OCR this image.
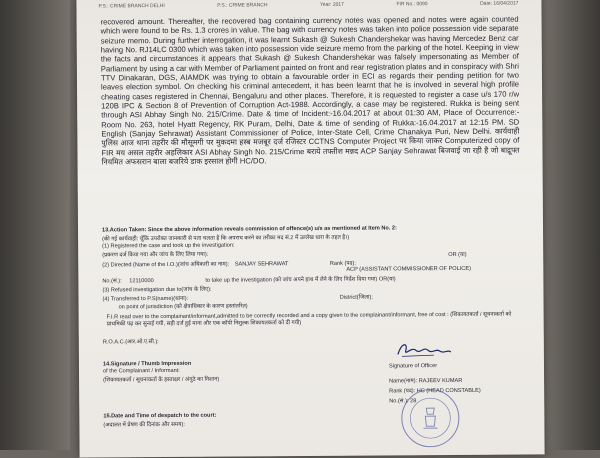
P.S.: CRIME BRANCH DELHI	P.S.: CRIME BRANCH	Year: 2017	FIR No.: 0090	Date: 16/04/2017

recovered amount. Thereafter, the recovered bag containing currency notes was opened and notes were again counted which were found to be Rs. 1.3 crores in value. The bag with currency notes was taken into police possession vide separate seizure memo. During further interrogation, it was learnt Sukash @ Sukesh Chandershekar was having Mercedez Benz car having No. RJ14LC 0300 which was taken into possession vide seizure memo from the parking of the hotel. Keeping in view the facts and circumstances it appears that Sukash @ Sukesh Chandershekar was falsely impersonating as Member of Parliament by using a car with Member of Parliament painted on front and rear registration plates and in conspiracy with Shri TTV Dinakaran, DGS, AIAMDK was trying to obtain a favourable order in ECI as regards their pending petition for two leaves election symbol. On checking his criminal antecedent, it has been learnt that he is involved in several high profile cheating cases registered in Chennai, Bengaluru and other places. Therefore, it is requested to register a case u/s 170 r/w 120B IPC & Section 8 of Prevention of Corruption Act-1988. Accordingly, a case may be registered. Rukka is being sent through ASI Abhay Singh No. 215/Crime. Date & time of Incident:-16.04.2017 at about 01:30 AM, Place of Occurrence:- Room No. 263, hotel Hyatt Regency, RK Puram, Delhi, Date & time of sending of Rukka:-16.04.2017 at 12:15 PM. SD English (Sanjay Sehrawat) Assistant Commissioner of Police, Inter-State Cell, Crime Chanakya Puri, New Delhi. कार्यवाही पुलिस आज थाना तहरीर की मौसूमगी पर मुकदमा हस्ब मजबूर दर्ज रजिस्टर CCTNS Computer Project पर किया जाकर Computerized copy of FIR मय असल तहरीर अहलिकार ASI Abhay Singh No. 215/Crime बराये तफ्तीश मन्नद ACP Sanjay Sehrawat बिजवाई जा रही है जो बाद्रूफ्त नियमित अफसरान बाला बजरिये डाक इरसाल होगी HC/DO.

13.Action Taken: Since the above information reveals commission of offence(s) u/s as mentioned at Item No. 2:
(की गई कार्यवाही: चूँकि उपरोक्त जानकारी से पता चलता है कि अपराध करने का तरीका मद सं.2 में उल्लेख धारा के तहत है।)
(1) Registered the case and took up the investigation:
(प्रकरण दर्ज किया गया और जांच के लिए लिया गया):	OR (या)
(2) Directed (Name of the I.O.)(जांच अधिकारी का नाम): SANJAY SEHRAWAT	Rank (पद):
ACP (ASSISTANT COMMISSIONER OF POLICE)
No.(सं.): 12110000	to take up the investigation (को जांच अपने हाथ में लेने के लिए निर्देश दिया गया) OR(या)
(3) Refused investigation due to(जांच के लिए):
(4) Transferred to P.S(name)(थाना):	District(जिला):
on point of jurisdiction (को क्षेत्राधिकार के कारण हस्तांतरित)
F.I.R read over to the complainant/informant,admitted to be correctly recorded and a copy given to the complainant/informant, free of cost : (शिकायतकर्ता / सूचनाकर्ता को प्राथमिकी पढ़ कर सुनाई गयी, सही दर्ज हुई माना और एक कॉपी निशुल्क शिकायतकर्ता को दी गयी)
R.O.A.C.(आर.ओ.ए.सी.):
14.Signature / Thumb Impression
of the Complainant / Informant:
(शिकायतकर्ता / सूचनाकर्ता के हस्ताक्षर / अंगूठे का निशान)
Signature of Officer
Name(नाम): RAJEEV KUMAR
Rank (पद): HC (HEAD CONSTABLE)
No.(सं.): 28
15.Date and Time of despatch to the court:
(अदालत में प्रेषण की दिनांक और समय):
